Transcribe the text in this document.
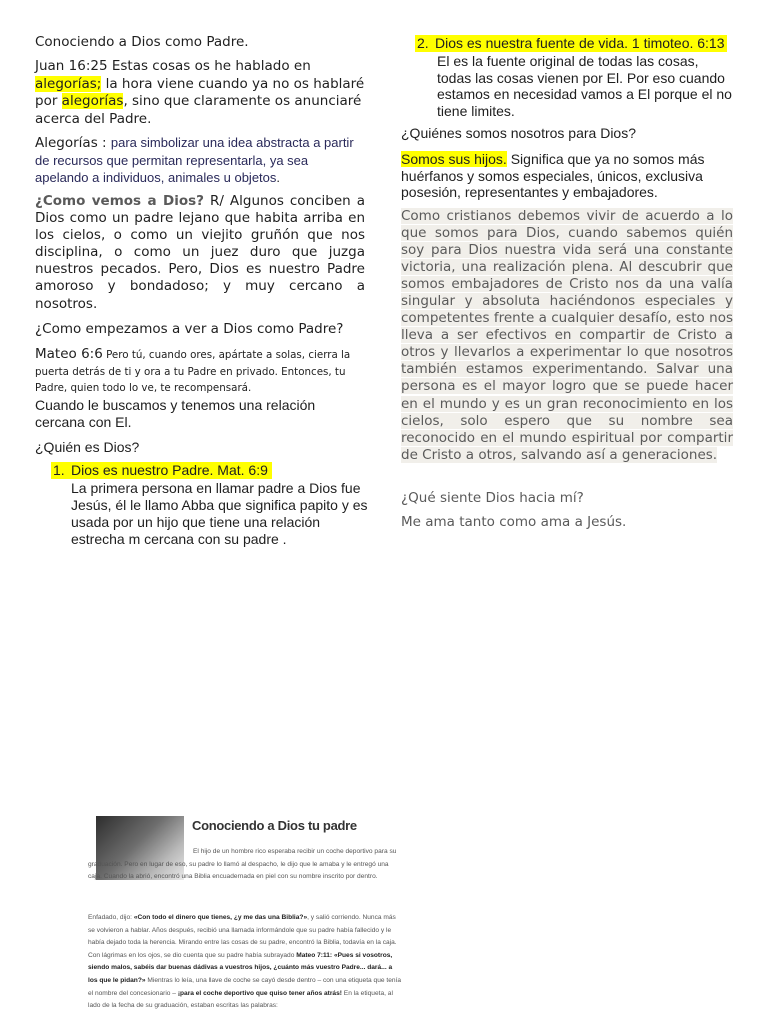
Conociendo a Dios como Padre.

Juan 16:25 Estas cosas os he hablado en alegorías; la hora viene cuando ya no os hablaré por alegorías, sino que claramente os anunciaré acerca del Padre.

Alegorías : para simbolizar una idea abstracta a partir de recursos que permitan representarla, ya sea apelando a individuos, animales u objetos.

¿Como vemos a Dios? R/ Algunos conciben a Dios como un padre lejano que habita arriba en los cielos, o como un viejito gruñón que nos disciplina, o como un juez duro que juzga nuestros pecados. Pero, Dios es nuestro Padre amoroso y bondadoso; y muy cercano a nosotros.

¿Como empezamos a ver a Dios como Padre?

Mateo 6:6 Pero tú, cuando ores, apártate a solas, cierra la puerta detrás de ti y ora a tu Padre en privado. Entonces, tu Padre, quien todo lo ve, te recompensará.

Cuando le buscamos y tenemos una relación cercana con El.

¿Quién es Dios?

1. Dios es nuestro Padre. Mat. 6:9

La primera persona en llamar padre a Dios fue Jesús, él le llamo Abba que significa papito y es usada por un hijo que tiene una relación estrecha m cercana con su padre .

2. Dios es nuestra fuente de vida. 1 timoteo. 6:13

El es la fuente original de todas las cosas, todas las cosas vienen por El. Por eso cuando estamos en necesidad vamos a El porque el no tiene limites.

¿Quiénes somos nosotros para Dios?

Somos sus hijos. Significa que ya no somos más huérfanos y somos especiales, únicos, exclusiva posesión, representantes y embajadores.

Como cristianos debemos vivir de acuerdo a lo que somos para Dios, cuando sabemos quién soy para Dios nuestra vida será una constante victoria, una realización plena. Al descubrir que somos embajadores de Cristo nos da una valía singular y absoluta haciéndonos especiales y competentes frente a cualquier desafío, esto nos lleva a ser efectivos en compartir de Cristo a otros y llevarlos a experimentar lo que nosotros también estamos experimentando. Salvar una persona es el mayor logro que se puede hacer en el mundo y es un gran reconocimiento en los cielos, solo espero que su nombre sea reconocido en el mundo espiritual por compartir de Cristo a otros, salvando así a generaciones.

¿Qué siente Dios hacia mí?

Me ama tanto como ama a Jesús.

Conociendo a Dios tu padre
El hijo de un hombre rico esperaba recibir un coche deportivo para su graduación. Pero en lugar de eso, su padre lo llamó al despacho, le dijo que le amaba y le entregó una caja. Cuando la abrió, encontró una Biblia encuadernada en piel con su nombre inscrito por dentro.
Enfadado, dijo: «Con todo el dinero que tienes, ¿y me das una Biblia?», y salió corriendo. Nunca más se volvieron a hablar. Años después, recibió una llamada informándole que su padre había fallecido y le había dejado toda la herencia. Mirando entre las cosas de su padre, encontró la Biblia, todavía en la caja. Con lágrimas en los ojos, se dio cuenta que su padre había subrayado Mateo 7:11: «Pues si vosotros, siendo malos, sabéis dar buenas dádivas a vuestros hijos, ¿cuánto más vuestro Padre... dará... a los que le pidan?» Mientras lo leía, una llave de coche se cayó desde dentro – con una etiqueta que tenía el nombre del concesionario – ¡para el coche deportivo que quiso tener años atrás! En la etiqueta, al lado de la fecha de su graduación, estaban escritas las palabras:
